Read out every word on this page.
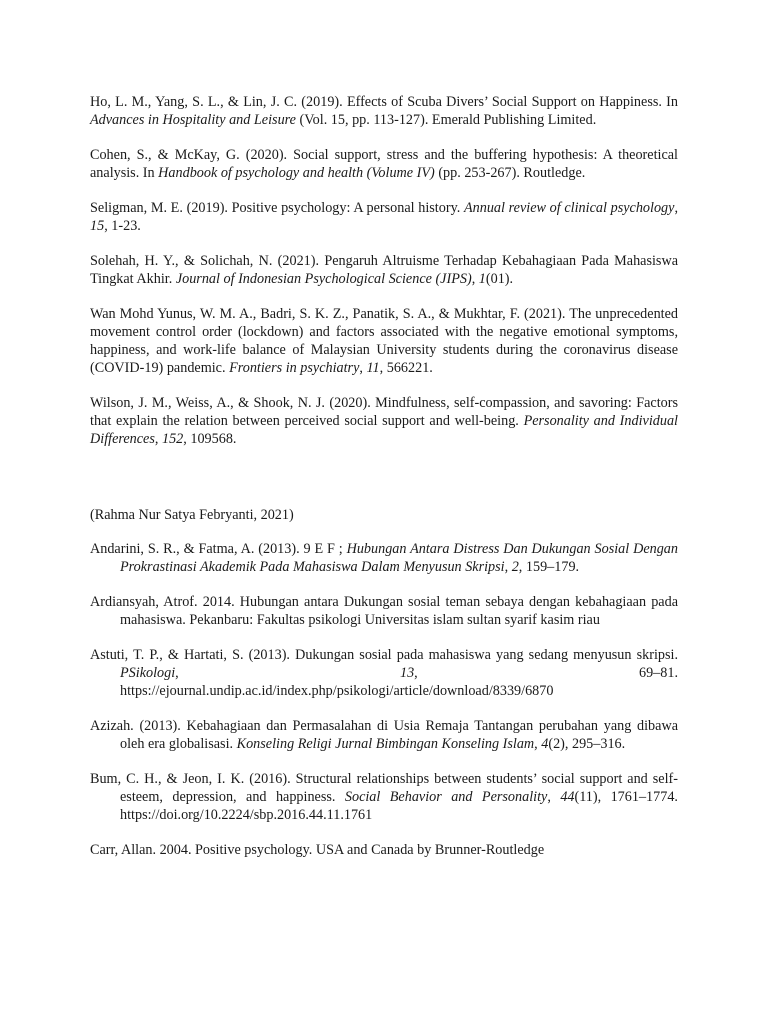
Ho, L. M., Yang, S. L., & Lin, J. C. (2019). Effects of Scuba Divers’ Social Support on Happiness. In Advances in Hospitality and Leisure (Vol. 15, pp. 113-127). Emerald Publishing Limited.

Cohen, S., & McKay, G. (2020). Social support, stress and the buffering hypothesis: A theoretical analysis. In Handbook of psychology and health (Volume IV) (pp. 253-267). Routledge.

Seligman, M. E. (2019). Positive psychology: A personal history. Annual review of clinical psychology, 15, 1-23.

Solehah, H. Y., & Solichah, N. (2021). Pengaruh Altruisme Terhadap Kebahagiaan Pada Mahasiswa Tingkat Akhir. Journal of Indonesian Psychological Science (JIPS), 1(01).

Wan Mohd Yunus, W. M. A., Badri, S. K. Z., Panatik, S. A., & Mukhtar, F. (2021). The unprecedented movement control order (lockdown) and factors associated with the negative emotional symptoms, happiness, and work-life balance of Malaysian University students during the coronavirus disease (COVID-19) pandemic. Frontiers in psychiatry, 11, 566221.

Wilson, J. M., Weiss, A., & Shook, N. J. (2020). Mindfulness, self-compassion, and savoring: Factors that explain the relation between perceived social support and well-being. Personality and Individual Differences, 152, 109568.

(Rahma Nur Satya Febryanti, 2021)

Andarini, S. R., & Fatma, A. (2013). 9 E F ; Hubungan Antara Distress Dan Dukungan Sosial Dengan Prokrastinasi Akademik Pada Mahasiswa Dalam Menyusun Skripsi, 2, 159–179.

Ardiansyah, Atrof. 2014. Hubungan antara Dukungan sosial teman sebaya dengan kebahagiaan pada mahasiswa. Pekanbaru: Fakultas psikologi Universitas islam sultan syarif kasim riau

Astuti, T. P., & Hartati, S. (2013). Dukungan sosial pada mahasiswa yang sedang menyusun skripsi. PSikologi, 13, 69–81. https://ejournal.undip.ac.id/index.php/psikologi/article/download/8339/6870

Azizah. (2013). Kebahagiaan dan Permasalahan di Usia Remaja Tantangan perubahan yang dibawa oleh era globalisasi. Konseling Religi Jurnal Bimbingan Konseling Islam, 4(2), 295–316.

Bum, C. H., & Jeon, I. K. (2016). Structural relationships between students’ social support and self-esteem, depression, and happiness. Social Behavior and Personality, 44(11), 1761–1774. https://doi.org/10.2224/sbp.2016.44.11.1761

Carr, Allan. 2004. Positive psychology. USA and Canada by Brunner-Routledge
